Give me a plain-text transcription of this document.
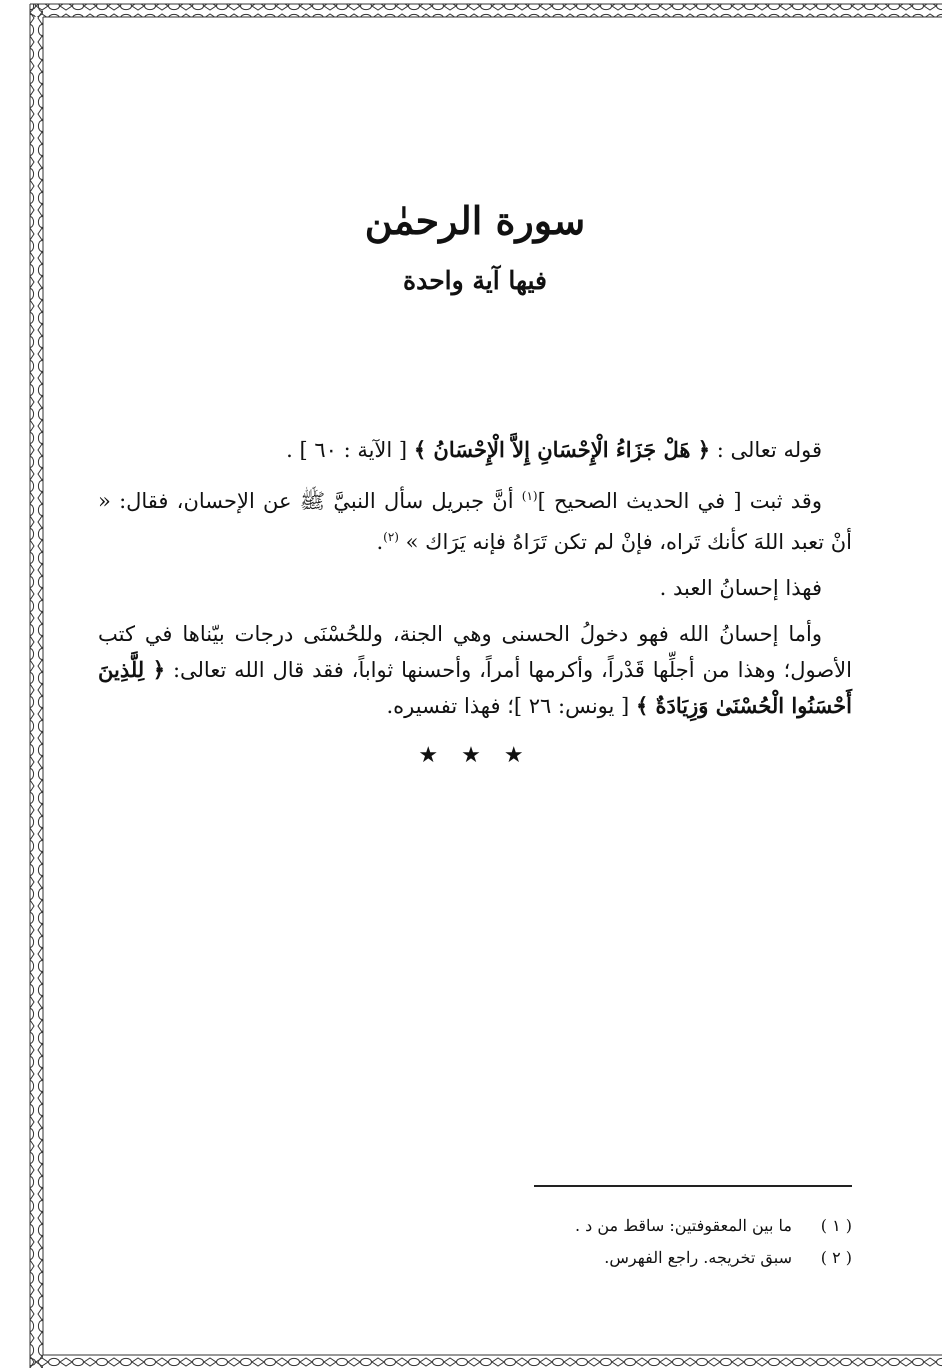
سورة الرحمٰن
فيها آية واحدة

قوله تعالى : ﴿ هَلْ جَزَاءُ الْإِحْسَانِ إِلاَّ الْإِحْسَانُ ﴾ [ الآية : ٦٠ ] .

وقد ثبت [ في الحديث الصحيح ]$^{(١)}$ أنَّ جبريل سأل النبيَّ ﷺ عن الإحسان، فقال: « أنْ تعبد اللهَ كأنك تَراه، فإنْ لم تكن تَرَاهُ فإنه يَرَاك » $^{(٢)}$.

فهذا إحسانُ العبد .

وأما إحسانُ الله فهو دخولُ الحسنى وهي الجنة، وللحُسْنَى درجات بيّناها في كتب الأصول؛ وهذا من أجلِّها قَدْراً، وأكرمها أمراً، وأحسنها ثواباً، فقد قال الله تعالى: ﴿ لِلَّذِينَ أَحْسَنُوا الْحُسْنَىٰ وَزِيَادَةٌ ﴾ [ يونس: ٢٦ ]؛ فهذا تفسيره.

★ ★ ★
( ١ )
ما بين المعقوفتين: ساقط من د .
( ٢ )
سبق تخريجه. راجع الفهرس.
